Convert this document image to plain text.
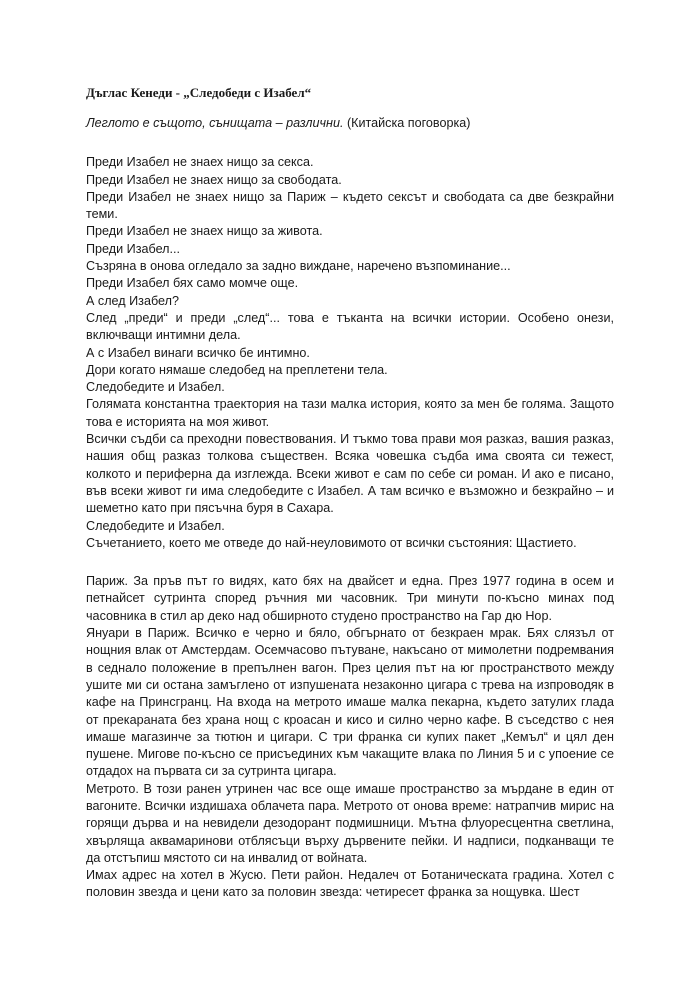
Дъглас Кенеди - „Следобеди с Изабел“
Леглото е същото, сънищата – различни. (Китайска поговорка)

Преди Изабел не знаех нищо за секса.

Преди Изабел не знаех нищо за свободата.

Преди Изабел не знаех нищо за Париж – където сексът и свободата са две безкрайни теми.

Преди Изабел не знаех нищо за живота.

Преди Изабел...

Съзряна в онова огледало за задно виждане, наречено възпоминание...

Преди Изабел бях само момче още.

А след Изабел?

След „преди“ и преди „след“... това е тъканта на всички истории. Особено онези, включващи интимни дела.

А с Изабел винаги всичко бе интимно.

Дори когато нямаше следобед на преплетени тела.

Следобедите и Изабел.

Голямата константна траектория на тази малка история, която за мен бе голяма. Защото това е историята на моя живот.

Всички съдби са преходни повествования. И тъкмо това прави моя разказ, вашия разказ, нашия общ разказ толкова съществен. Всяка човешка съдба има своята си тежест, колкото и периферна да изглежда. Всеки живот е сам по себе си роман. И ако е писано, във всеки живот ги има следобедите с Изабел. А там всичко е възможно и безкрайно – и шеметно като при пясъчна буря в Сахара.

Следобедите и Изабел.

Съчетанието, което ме отведе до най-неуловимото от всички състояния: Щастието.

Париж. За пръв път го видях, като бях на двайсет и една. През 1977 година в осем и петнайсет сутринта според ръчния ми часовник. Три минути по-късно минах под часовника в стил ар деко над обширното студено пространство на Гар дю Нор.

Януари в Париж. Всичко е черно и бяло, обгърнато от безкраен мрак. Бях слязъл от нощния влак от Амстердам. Осемчасово пътуване, накъсано от мимолетни подремвания в седнало положение в препълнен вагон. През целия път на юг пространството между ушите ми си остана замъглено от изпушената незаконно цигара с трева на изпроводяк в кафе на Принсгранц. На входа на метрото имаше малка пекарна, където затулих глада от прекараната без храна нощ с кроасан и кисо и силно черно кафе. В съседство с нея имаше магазинче за тютюн и цигари. С три франка си купих пакет „Кемъл“ и цял ден пушене. Мигове по-късно се присъединих към чакащите влака по Линия 5 и с упоение се отдадох на първата си за сутринта цигара.

Метрото. В този ранен утринен час все още имаше пространство за мърдане в един от вагоните. Всички издишаха облачета пара. Метрото от онова време: натрапчив мирис на горящи дърва и на невидели дезодорант подмишници. Мътна флуоресцентна светлина, хвърляща аквамаринови отблясъци върху дървените пейки. И надписи, подканващи те да отстъпиш мястото си на инвалид от войната.

Имах адрес на хотел в Жусю. Пети район. Недалеч от Ботаническата градина. Хотел с половин звезда и цени като за половин звезда: четиресет франка за нощувка. Шест
